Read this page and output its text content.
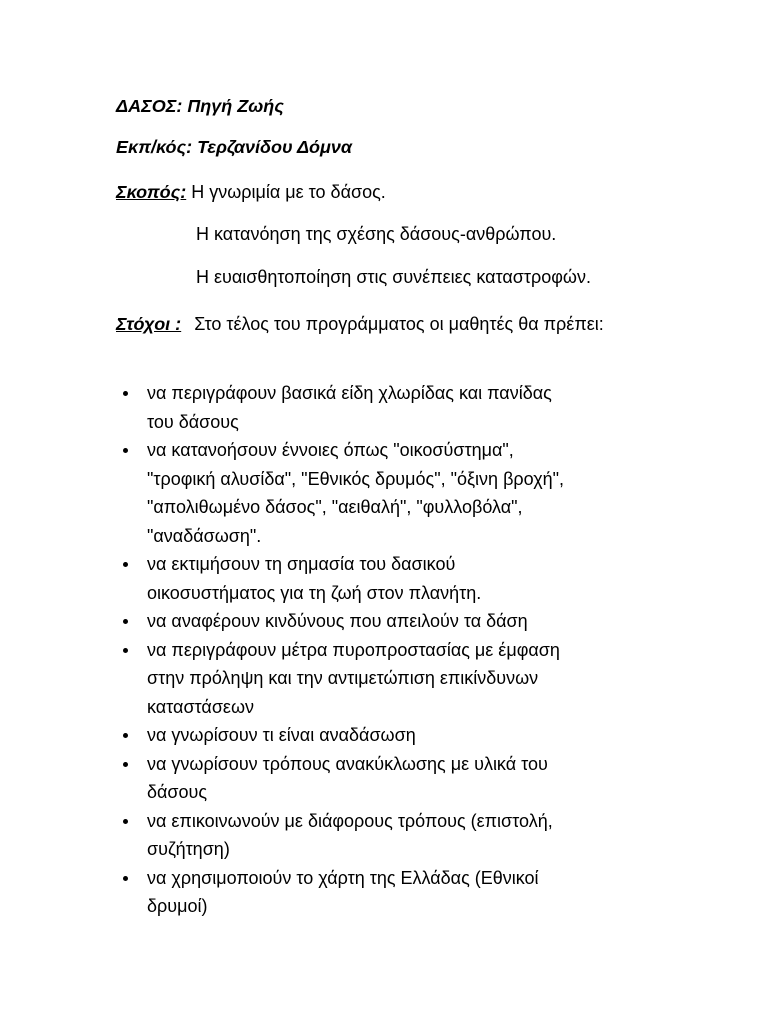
ΔΑΣΟΣ: Πηγή Ζωής
Εκπ/κός: Τερζανίδου Δόμνα
Σκοπός: Η γνωριμία με το δάσος.
Η κατανόηση της σχέσης δάσους-ανθρώπου.
Η ευαισθητοποίηση στις συνέπειες καταστροφών.
Στόχοι : Στο τέλος του προγράμματος οι μαθητές θα πρέπει:
να περιγράφουν βασικά είδη χλωρίδας και πανίδας
του δάσους
να κατανοήσουν έννοιες όπως "οικοσύστημα",
"τροφική αλυσίδα", "Εθνικός δρυμός", "όξινη βροχή",
"απολιθωμένο δάσος", "αειθαλή", "φυλλοβόλα",
"αναδάσωση".
να εκτιμήσουν τη σημασία του δασικού
οικοσυστήματος για τη ζωή στον πλανήτη.
να αναφέρουν κινδύνους που απειλούν τα δάση
να περιγράφουν μέτρα πυροπροστασίας με έμφαση
στην πρόληψη και την αντιμετώπιση επικίνδυνων
καταστάσεων
να γνωρίσουν τι είναι αναδάσωση
να γνωρίσουν τρόπους ανακύκλωσης με υλικά του
δάσους
να επικοινωνούν με διάφορους τρόπους (επιστολή,
συζήτηση)
να χρησιμοποιούν το χάρτη της Ελλάδας (Εθνικοί
δρυμοί)
